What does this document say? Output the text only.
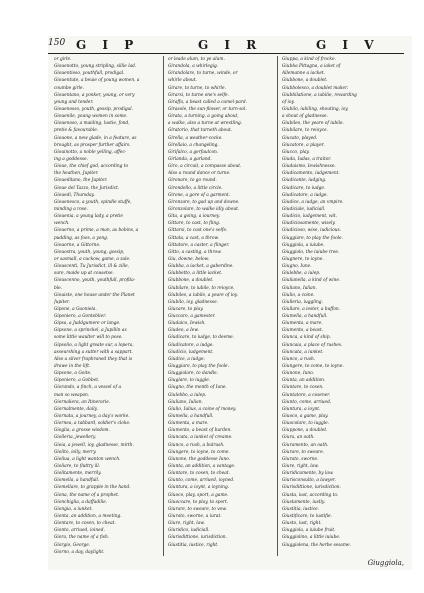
150 G I P	G I R	G I V
or girle.
Giouenotto, young stripling, sillie lad.
Giouentioso, youthfull, prodigal.
Giouentute, a beuie of young women, a
coumbe girle.
Giouentano, a yonker, young, or very
young and tender.
Giouenosso, youth, gossip, prodigal.
Giouenile, young women in some.
Giouenoso, a maiding, lustie, fond,
pretie & favourable.
Giouone, a new glade, in a feature, as
brought, as prosper further affairs.
Giouinotto, a noble yelling, affec-
ing a goddesse.
Gioue, the chief god, according to
the heathen, Jupiter.
Gioueditano, the Jupiter.
Gioue del Tazzo, the Jurisdict.
Giouedi, Thursday.
Giouenesco, a youth, spindle stuffe,
minding a rose.
Giouenia, a young lady, a pretie
wench.
Giouerno, a prime, a man, as bobins, a
pudding, as foes, a yong.
Giouorne, a Gittorne.
Giouostra, youth, young, gossip,
or sasmall, a cuckow, game, a zale.
Giouscenti, Tu Jurisdict, ill & zille,
sure, maide up at cousetse.
Giouscenno, youth, youthfull, profita-
ble.
Giouiste, one house under the Planet
Jupiter.
Gipone, a Gaoniela.
Giponiero, a Gonteblier.
Gipsa, a Juddgumere or lange.
Gipsone, a sprinckel, a Jupillin as
some little waulter will to pose.
Gipsolio, a light greate sur, a lopera,
asseurshing a sutter with a sappart.
Also a silver fraphraned they that is
drawe in the lift.
Gipsone, a Goite.
Giponiero, a Gobbet.
Giorando, a finch, a vessel of a
man so weapon.
Giornaliera, an Itinerarie.
Giornalmente, daily.
Giornata, a journey, a day's worke.
Giornea, a tabbard, soldier's cloke.
Gioglia, a grosse wisdom.
Giolleria, jewellery.
Gioia, a jewell, ioy, gladnesse, mirth.
Giolito, iolly, merry.
Gioliua, a light wanton wench.
Gioliare, to fluttry ill.
Giolitamente, merrily.
Giomella, a handfull.
Giomellare, to grapple in the hand.
Giona, the name of a prophet.
Gionchiglia, a daffadilie.
Giongia, a iunket.
Gionta, an addition, a meeting.
Giontare, to cosen, to cheat.
Gionto, arriued, ioined.
Giora, the name of a fish.
Giorgio, George.
Giorno, a day, daylight.
or leade alum, to ye alum.
Girandola, a whirlegig.
Girandolare, to turne, winde, or
whirle about.
Girare, to turne, to whirle.
Girarsi, to turne one's selfe.
Giraffa, a beast called a camel-pard.
Girasole, the sun-flower, or turn-sol.
Girata, a turning, a going about,
a walke, also a turne at wrestling.
Giratorio, that turneth about.
Girella, a weather-cocke.
Girellaio, a changeling.
Girifalco, a gerfaulcon.
Girlanda, a garland.
Giro, a circuit, a compasse about.
Also a round dance or turne.
Gironare, to go round.
Girondello, a little circle.
Girone, a gore of a garment.
Gironzare, to gad up and downe.
Gironzolare, to walke idly about.
Gita, a going, a iourney.
Gittare, to cast, to fling.
Gittarsi, to cast one's selfe.
Gittata, a cast, a throw.
Gittatore, a caster, a flinger.
Gitto, a casting, a throw.
Giu, downe, below.
Giubba, a iacket, a gaberdine.
Giubbetto, a little iacket.
Giubbone, a doublet.
Giubilare, to iubile, to reioyce.
Giubileo, a iubile, a yeare of ioy.
Giubilo, ioy, gladnesse.
Giucare, to play.
Giuccaro, a gamester.
Giudaico, Iewish.
Giudeo, a Iew.
Giudicare, to iudge, to deeme.
Giudicatore, a iudge.
Giudicio, iudgement.
Giudice, a iudge.
Giuggiare, to play the foole.
Giuggiolare, to dandle.
Giuglare, to iuggle.
Giugno, the month of Iune.
Giulebbo, a iulep.
Giuliano, Iulian.
Giulio, Iulius, a coine of money.
Giumella, a handfull.
Giumenta, a mare.
Giumento, a beast of burden.
Giuncata, a iunket of creame.
Giunco, a rush, a bulrush.
Giungere, to ioyne, to come.
Giunone, the goddesse Iuno.
Giunta, an addition, a vantage.
Giuntare, to cosen, to cheat.
Giunto, come, arriued, ioyned.
Giuntura, a ioynt, a ioyning.
Giuoco, play, sport, a game.
Giuoccare, to play, to sport.
Giurare, to sweare, to vow.
Giurato, sworne, a iurat.
Giure, right, law.
Giuridico, iudiciall.
Giurisdittione, iurisdiction.
Giustitia, iustice, right.
Giuppa, a kind of frocke.
Giubba Pittagna, a iaket of
Allemanne a iacket.
Giubbone, a doublet.
Giubbolesco, a doublet maker.
Giubbilatione, a iubilie, rewarding
of ioy.
Giubilo, iubiling, shouting, ioy,
a shout of gladnesse.
Giubileo, the yeare of iubile.
Giubilare, to reioyce.
Giucato, played.
Giucatore, a player.
Giucco, play.
Giuda, Iudas, a traitor.
Giudaismo, Iewishnesse.
Giudicamento, iudgement.
Giudicante, iudging.
Giudicare, to iudge.
Giudicatore, a iudge.
Giudice, a iudge, an vmpire.
Giudiciale, iudiciall.
Giudicio, iudgement, wit.
Giudiciosamente, wisely.
Giudicioso, wise, iudicious.
Giuggiare, to play the foole.
Giuggiola, a iuiube.
Giuggiolo, the iuiube tree.
Giugnere, to ioyne.
Giugno, Iune.
Giulebbe, a iulep.
Giulianella, a kind of wine.
Giuliano, Iulian.
Giulio, a coine.
Giulleria, iuggling.
Giullare, a iester, a buffon.
Giumella, a handfull.
Giumenta, a mare.
Giumento, a beast.
Giunca, a kind of ship.
Giuncaia, a place of rushes.
Giuncata, a iunket.
Giunco, a rush.
Giungere, to come, to ioyne.
Giunone, Iuno.
Giunta, an addition.
Giuntare, to cosen.
Giuntatore, a cosener.
Giunto, come, arriued.
Giuntura, a ioynt.
Giuoco, a game, play.
Giuocolare, to iuggle.
Giuppone, a doublet.
Giura, an oath.
Giuramento, an oath.
Giurare, to sweare.
Giurato, sworne.
Giure, right, law.
Giuridicamente, by law.
Giurisconsulto, a lawyer.
Giurisdittione, iurisdiction.
Giusta, iust, according to.
Giustamente, iustly.
Giustitia, iustice.
Giustificare, to iustifie.
Giusto, iust, right.
Giuggiola, a iuiube fruit.
Giuggiolino, a little iuiube.
Giuggiolena, the herbe sesame.
Giuggiola,
